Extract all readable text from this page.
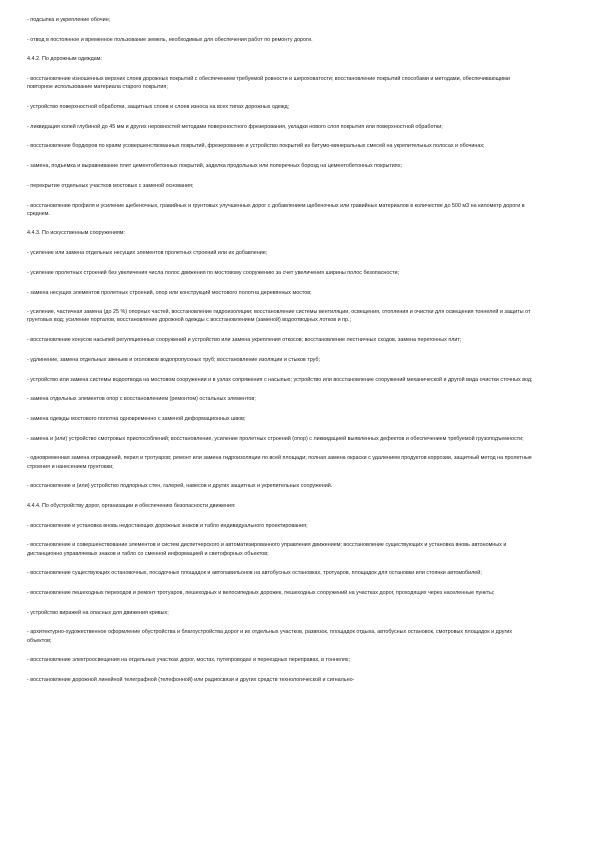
- подсыпка и укрепление обочин;

- отвод в постоянное и временное пользование земель, необходимых для обеспечения работ по ремонту дороги.

4.4.2. По дорожным одеждам:

- восстановление изношенных верхних слоев дорожных покрытий с обеспечением требуемой ровности и шероховатости; восстановление покрытий способами и методами, обеспечивающими повторное использование материала старого покрытия;

- устройство поверхностной обработки, защитных слоев и слоев износа на всех типах дорожных одежд;

- ликвидация колей глубиной до 45 мм и других неровностей методами поверхностного фрезерования, укладки нового слоя покрытия или поверхностной обработки;

- восстановление бордюров по краям усовершенствованных покрытий, фрезерование и устройство покрытий из битумо-минеральных смесей на укрепительных полосах и обочинах;

- замена, подъемка и выравнивание плит цементобетонных покрытий, заделка продольных или поперечных борозд на цементобетонных покрытиях;

- перекрытие отдельных участков мостовых с заменой основания;

- восстановление профиля и усиление щебеночных, гравийных и грунтовых улучшенных дорог с добавлением щебеночных или гравийных материалов в количестве до 500 м3 на километр дороги в среднем.

4.4.3. По искусственным сооружениям:

- усиление или замена отдельных несущих элементов пролетных строений или их добавление;

- усиление пролетных строений без увеличения числа полос движения по мостовому сооружению за счет увеличения ширины полос безопасности;

- замена несущих элементов пролетных строений, опор или конструкций мостового полотна деревянных мостов;

- усиление, частичная замена (до 25 %) опорных частей, восстановление гидроизоляции; восстановление системы вентиляции, освещения, отопления и очистки для освещения тоннелей и защиты от грунтовых вод; усиление порталов, восстановление дорожной одежды с восстановлением (заменой) водоотводных лотков и пр.;

- восстановление конусов насыпей регуляционных сооружений и устройство или замена укрепления откосов; восстановление лестничных сходов, замена перегонных плит;

- удлинение, замена отдельных звеньев и оголовков водопропускных труб; восстановление изоляции и стыков труб;

- устройство или замена системы водоотвода на мостовом сооружении и в узлах сопряжения с насыпью; устройство или восстановление сооружений механической и другой вида очистки сточных вод;

- замена отдельных элементов опор с восстановлением (ремонтом) остальных элементов;

- замена одежды мостового полотна одновременно с заменой деформационных швов;

- замена и (или) устройство смотровых приспособлений; восстановление, усиление пролетных строений (опор) с ликвидацией выявленных дефектов и обеспечением требуемой грузоподъемности;

- одновременная замена ограждений, перил и тротуаров; ремонт или замена гидроизоляции по всей площади; полная замена окраски с удалением продуктов коррозии, защитный метод на пролетные строения и нанесением грунтовки;

- восстановление и (или) устройство подпорных стен, галерей, навесов и других защитных и укрепительных сооружений.

4.4.4. По обустройству дорог, организации и обеспечению безопасности движения:

- восстановление и установка вновь недостающих дорожных знаков и табло индивидуального проектирования;

- восстановление и совершенствование элементов и систем диспетчерского и автоматизированного управления движением; восстановление существующих и установка вновь автономных и дистанционно управляемых знаков и табло со сменной информацией и светофорных объектов;

- восстановление существующих остановочных, посадочных площадок и автопавильонов на автобусных остановках, тротуаров, площадок для остановки или стоянки автомобилей;

- восстановление пешеходных переходов и ремонт тротуаров, пешеходных и велосипедных дорожек, пешеходных сооружений на участках дорог, проходящих через населенные пункты;

- устройство виражей на опасных для движения кривых;

- архитектурно-художественное оформление обустройства и благоустройства дорог и их отдельных участков, развязок, площадок отдыха, автобусных остановок, смотровых площадок и других объектов;

- восстановление электроосвещения на отдельных участках дорог, мостах, путепроводах и переездных переправах, в тоннелях;

- восстановление дорожной линейной телеграфной (телефонной) или радиосвязи и других средств технологической и сигнально-
